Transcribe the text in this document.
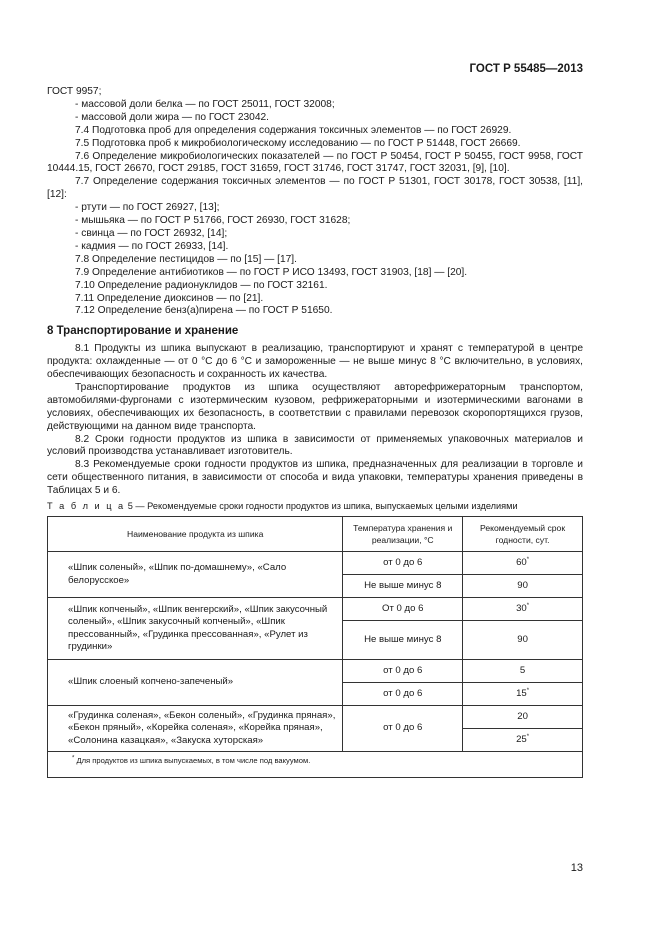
ГОСТ Р 55485—2013

ГОСТ 9957;

- массовой доли белка — по ГОСТ 25011, ГОСТ 32008;

- массовой доли жира — по ГОСТ 23042.

7.4 Подготовка проб для определения содержания токсичных элементов — по ГОСТ 26929.

7.5 Подготовка проб к микробиологическому исследованию — по ГОСТ Р 51448, ГОСТ 26669.

7.6 Определение микробиологических показателей — по ГОСТ Р 50454, ГОСТ Р 50455, ГОСТ 9958, ГОСТ 10444.15, ГОСТ 26670, ГОСТ 29185, ГОСТ 31659, ГОСТ 31746, ГОСТ 31747, ГОСТ 32031, [9], [10].

7.7 Определение содержания токсичных элементов — по ГОСТ Р 51301, ГОСТ 30178, ГОСТ 30538, [11], [12]:

- ртути — по ГОСТ 26927, [13];

- мышьяка — по ГОСТ Р 51766, ГОСТ 26930, ГОСТ 31628;

- свинца — по ГОСТ 26932, [14];

- кадмия — по ГОСТ 26933, [14].

7.8 Определение пестицидов — по [15] — [17].

7.9 Определение антибиотиков — по ГОСТ Р ИСО 13493, ГОСТ 31903, [18] — [20].

7.10 Определение радионуклидов — по ГОСТ 32161.

7.11 Определение диоксинов — по [21].

7.12 Определение бенз(а)пирена — по ГОСТ Р 51650.

8 Транспортирование и хранение

8.1 Продукты из шпика выпускают в реализацию, транспортируют и хранят с температурой в центре продукта: охлажденные — от 0 °С до 6 °С и замороженные — не выше минус 8 °С включительно, в условиях, обеспечивающих безопасность и сохранность их качества.

Транспортирование продуктов из шпика осуществляют авторефрижераторным транспортом, автомобилями-фургонами с изотермическим кузовом, рефрижераторными и изотермическими вагонами в условиях, обеспечивающих их безопасность, в соответствии с правилами перевозок скоропортящихся грузов, действующими на данном виде транспорта.

8.2 Сроки годности продуктов из шпика в зависимости от применяемых упаковочных материалов и условий производства устанавливает изготовитель.

8.3 Рекомендуемые сроки годности продуктов из шпика, предназначенных для реализации в торговле и сети общественного питания, в зависимости от способа и вида упаковки, температуры хранения приведены в Таблицах 5 и 6.

Т а б л и ц а 5 — Рекомендуемые сроки годности продуктов из шпика, выпускаемых целыми изделиями

Наименование продукта из шпика	Температура хранения и реализации, °С	Рекомендуемый срок годности, сут.
«Шпик соленый», «Шпик по-домашнему», «Сало белорусское»	от 0 до 6	60*
	Не выше минус 8	90
«Шпик копченый», «Шпик венгерский», «Шпик закусочный соленый», «Шпик закусочный копченый», «Шпик прессованный», «Грудинка прессованная», «Рулет из грудинки»	От 0 до 6	30*
	Не выше минус 8	90
«Шпик слоеный копчено-запеченый»	от 0 до 6	5
	от 0 до 6	15*
«Грудинка соленая», «Бекон соленый», «Грудинка пряная», «Бекон пряный», «Корейка соленая», «Корейка пряная», «Солонина казацкая», «Закуска хуторская»	от 0 до 6	20
		25*
* Для продуктов из шпика выпускаемых, в том числе под вакуумом.		
13
